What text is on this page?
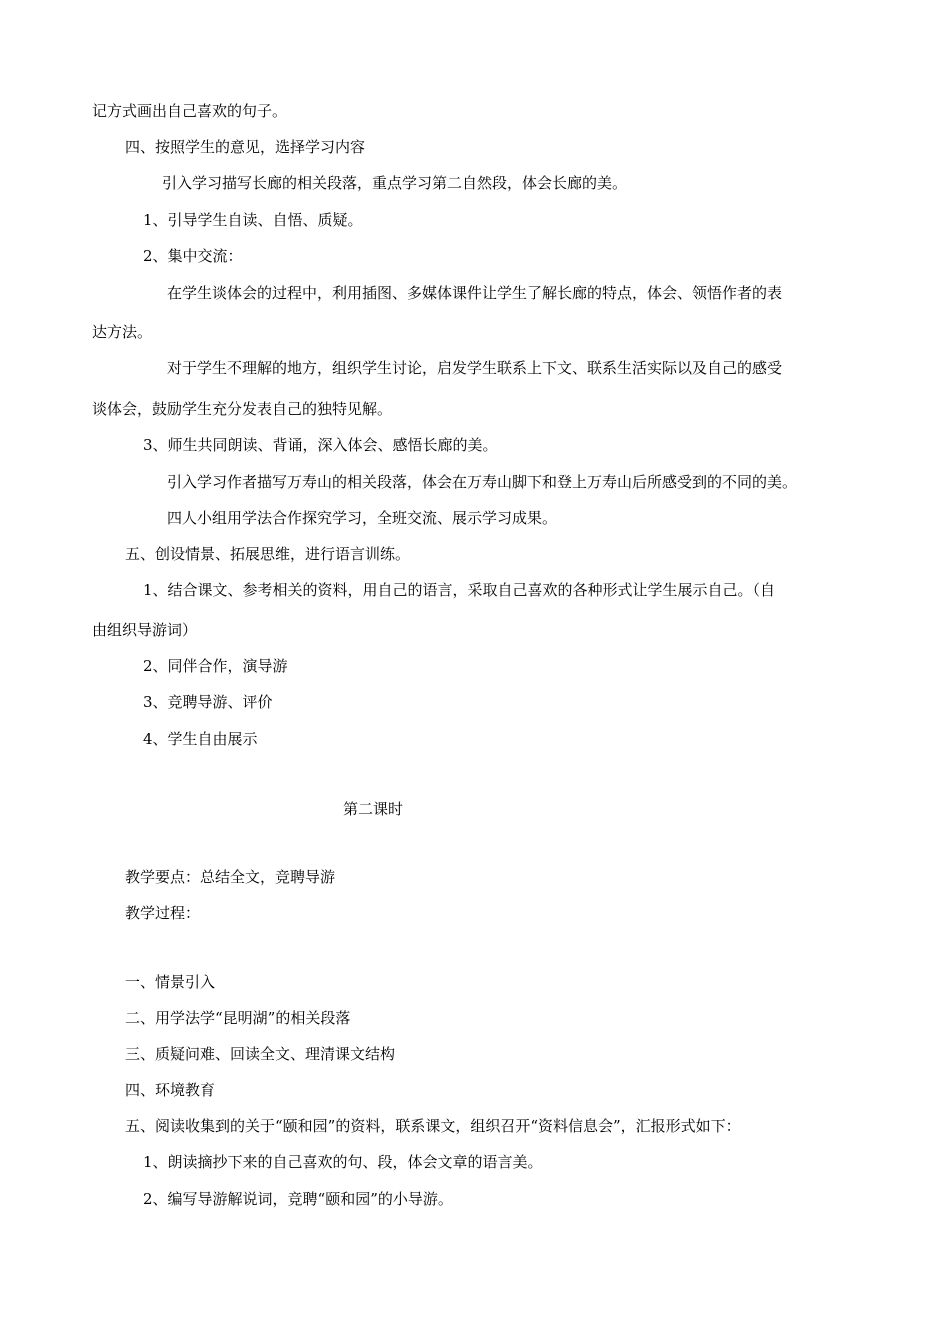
记方式画出自己喜欢的句子。
四、按照学生的意见，选择学习内容
引入学习描写长廊的相关段落，重点学习第二自然段，体会长廊的美。
1、引导学生自读、自悟、质疑。
2、集中交流：
在学生谈体会的过程中，利用插图、多媒体课件让学生了解长廊的特点，体会、领悟作者的表
达方法。
对于学生不理解的地方，组织学生讨论，启发学生联系上下文、联系生活实际以及自己的感受
谈体会，鼓励学生充分发表自己的独特见解。
3、师生共同朗读、背诵，深入体会、感悟长廊的美。
引入学习作者描写万寿山的相关段落，体会在万寿山脚下和登上万寿山后所感受到的不同的美。
四人小组用学法合作探究学习，全班交流、展示学习成果。
五、创设情景、拓展思维，进行语言训练。
1、结合课文、参考相关的资料，用自己的语言，采取自己喜欢的各种形式让学生展示自己。（自
由组织导游词）
2、同伴合作，演导游
3、竞聘导游、评价
4、学生自由展示
第二课时
教学要点：总结全文，竞聘导游
教学过程：
一、情景引入
二、用学法学“昆明湖”的相关段落
三、质疑问难、回读全文、理清课文结构
四、环境教育
五、阅读收集到的关于“颐和园”的资料，联系课文，组织召开“资料信息会”，汇报形式如下：
1、朗读摘抄下来的自己喜欢的句、段，体会文章的语言美。
2、编写导游解说词，竞聘“颐和园”的小导游。
